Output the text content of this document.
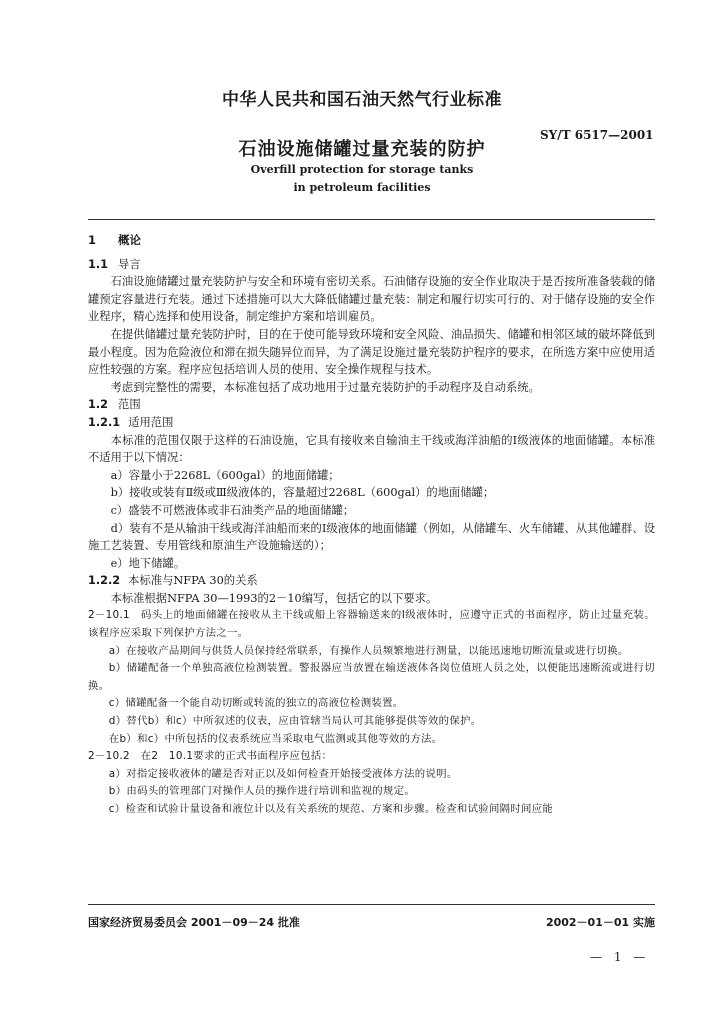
中华人民共和国石油天然气行业标准
SY/T 6517—2001
石油设施储罐过量充装的防护
Overfill protection for storage tanks
in petroleum facilities

1 概论

1.1 导言

石油设施储罐过量充装防护与安全和环境有密切关系。石油储存设施的安全作业取决于是否按所准备装载的储罐预定容量进行充装。通过下述措施可以大大降低储罐过量充装：制定和履行切实可行的、对于储存设施的安全作业程序，精心选择和使用设备，制定维护方案和培训雇员。

在提供储罐过量充装防护时，目的在于使可能导致环境和安全风险、油品损失、储罐和相邻区域的破坏降低到最小程度。因为危险液位和滞在损失随异位而异，为了满足设施过量充装防护程序的要求，在所选方案中应使用适应性较强的方案。程序应包括培训人员的使用、安全操作规程与技术。

考虑到完整性的需要，本标准包括了成功地用于过量充装防护的手动程序及自动系统。

1.2 范围

1.2.1 适用范围

本标准的范围仅限于这样的石油设施，它具有接收来自输油主干线或海洋油船的Ⅰ级液体的地面储罐。本标准不适用于以下情况：

a）容量小于2268L（600gal）的地面储罐；

b）接收或装有Ⅱ级或Ⅲ级液体的，容量超过2268L（600gal）的地面储罐；

c）盛装不可燃液体或非石油类产品的地面储罐；

d）装有不是从输油干线或海洋油船而来的Ⅰ级液体的地面储罐（例如，从储罐车、火车储罐、从其他罐群、设施工艺装置、专用管线和原油生产设施输送的）；

e）地下储罐。

1.2.2 本标准与NFPA 30的关系

本标准根据NFPA 30—1993的2－10编写，包括它的以下要求。

2－10.1　码头上的地面储罐在接收从主干线或船上容器输送来的Ⅰ级液体时，应遵守正式的书面程序，防止过量充装。该程序应采取下列保护方法之一。

a）在接收产品期间与供货人员保持经常联系，有操作人员频繁地进行测量，以能迅速地切断流量或进行切换。

b）储罐配备一个单独高液位检测装置。警报器应当放置在输送液体各岗位值班人员之处，以便能迅速断流或进行切换。

c）储罐配备一个能自动切断或转流的独立的高液位检测装置。

d）替代b）和c）中所叙述的仪表，应由管辖当局认可其能够提供等效的保护。

在b）和c）中所包括的仪表系统应当采取电气监测或其他等效的方法。

2－10.2　在2　10.1要求的正式书面程序应包括：

a）对指定接收液体的罐是否对正以及如何检查开始接受液体方法的说明。

b）由码头的管理部门对操作人员的操作进行培训和监视的规定。

c）检查和试验计量设备和液位计以及有关系统的规范、方案和步骤。检查和试验间隔时间应能

国家经济贸易委员会 2001－09－24 批准	2002－01－01 实施
— 1 —
